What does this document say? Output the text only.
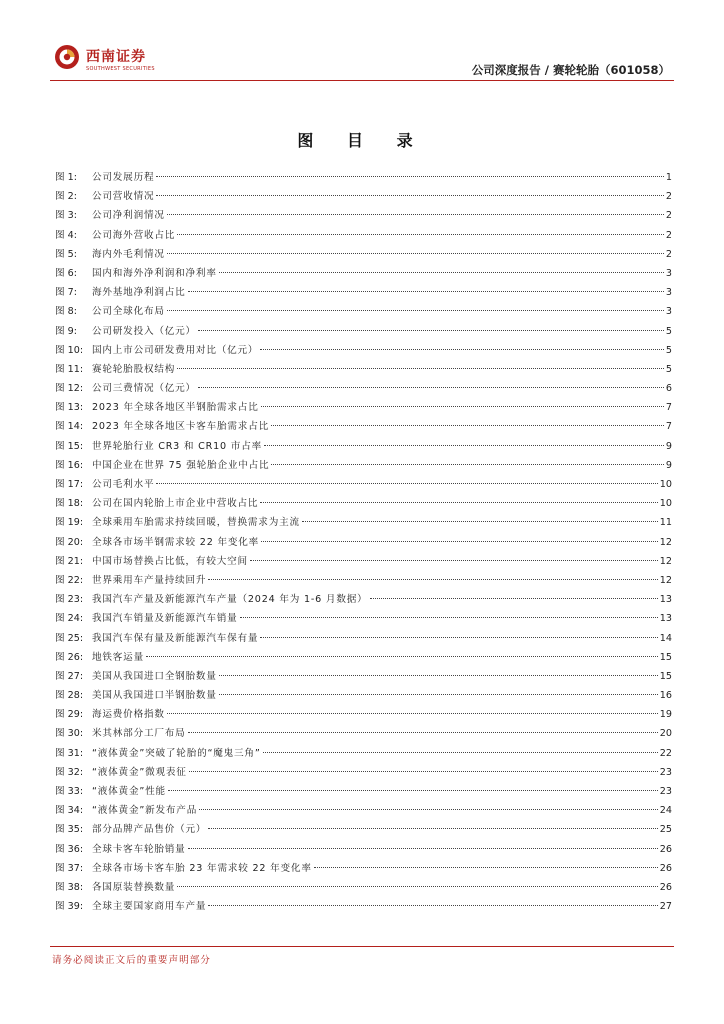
西南证券
SOUTHWEST SECURITIES	公司深度报告 / 赛轮轮胎（601058）
图 目 录
图 1:	公司发展历程	1
图 2:	公司营收情况	2
图 3:	公司净利润情况	2
图 4:	公司海外营收占比	2
图 5:	海内外毛利情况	2
图 6:	国内和海外净利润和净利率	3
图 7:	海外基地净利润占比	3
图 8:	公司全球化布局	3
图 9:	公司研发投入（亿元）	5
图 10: 国内上市公司研发费用对比（亿元）	5
图 11: 赛轮轮胎股权结构	5
图 12: 公司三费情况（亿元）	6
图 13: 2023 年全球各地区半钢胎需求占比	7
图 14: 2023 年全球各地区卡客车胎需求占比	7
图 15: 世界轮胎行业 CR3 和 CR10 市占率	9
图 16: 中国企业在世界 75 强轮胎企业中占比	9
图 17: 公司毛利水平	10
图 18: 公司在国内轮胎上市企业中营收占比	10
图 19: 全球乘用车胎需求持续回暖，替换需求为主流	11
图 20: 全球各市场半钢需求较 22 年变化率	12
图 21: 中国市场替换占比低，有较大空间	12
图 22: 世界乘用车产量持续回升	12
图 23: 我国汽车产量及新能源汽车产量（2024 年为 1-6 月数据）	13
图 24: 我国汽车销量及新能源汽车销量	13
图 25: 我国汽车保有量及新能源汽车保有量	14
图 26: 地铁客运量	15
图 27: 美国从我国进口全钢胎数量	15
图 28: 美国从我国进口半钢胎数量	16
图 29: 海运费价格指数	19
图 30: 米其林部分工厂布局	20
图 31: “液体黄金”突破了轮胎的“魔鬼三角”	22
图 32: “液体黄金”微观表征	23
图 33: “液体黄金”性能	23
图 34: “液体黄金”新发布产品	24
图 35: 部分品牌产品售价（元）	25
图 36: 全球卡客车轮胎销量	26
图 37: 全球各市场卡客车胎 23 年需求较 22 年变化率	26
图 38: 各国原装替换数量	26
图 39: 全球主要国家商用车产量	27
请务必阅读正文后的重要声明部分
